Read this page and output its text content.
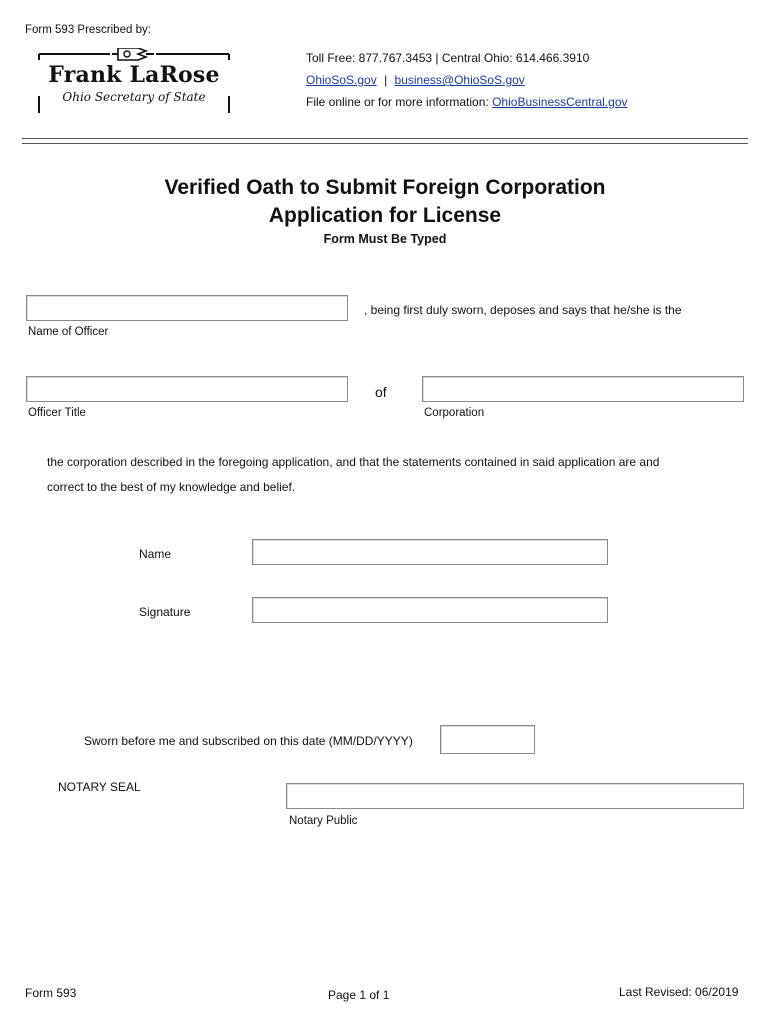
Form 593 Prescribed by:
Frank LaRose
Ohio Secretary of State
Toll Free: 877.767.3453 | Central Ohio: 614.466.3910
OhioSoS.gov | business@OhioSoS.gov
File online or for more information: OhioBusinessCentral.gov
Verified Oath to Submit Foreign Corporation
Application for License
Form Must Be Typed
, being first duly sworn, deposes and says that he/she is the
Name of Officer
of
Officer Title	Corporation
the corporation described in the foregoing application, and that the statements contained in said application are and
correct to the best of my knowledge and belief.
Name
Signature
Sworn before me and subscribed on this date (MM/DD/YYYY)
NOTARY SEAL
Notary Public
Form 593	Page 1 of 1	Last Revised: 06/2019
